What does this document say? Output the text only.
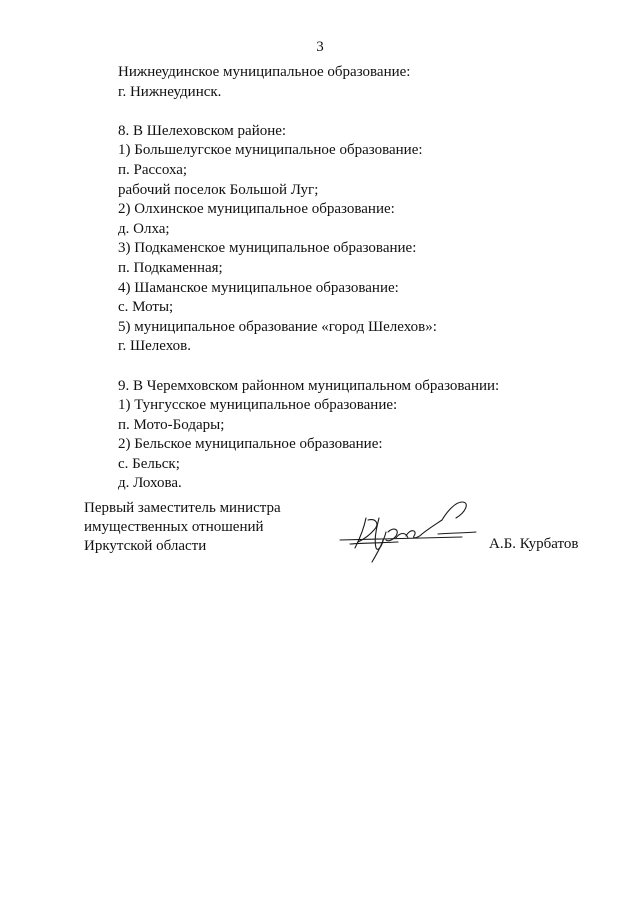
3
Нижнеудинское муниципальное образование:
г. Нижнеудинск.
8. В Шелеховском районе:
1) Большелугское муниципальное образование:
п. Рассоха;
рабочий поселок Большой Луг;
2) Олхинское муниципальное образование:
д. Олха;
3) Подкаменское муниципальное образование:
п. Подкаменная;
4) Шаманское муниципальное образование:
с. Моты;
5) муниципальное образование «город Шелехов»:
г. Шелехов.
9. В Черемховском районном муниципальном образовании:
1) Тунгусское муниципальное образование:
п. Мото-Бодары;
2) Бельское муниципальное образование:
с. Бельск;
д. Лохова.
Первый заместитель министра
имущественных отношений
Иркутской области	А.Б. Курбатов
